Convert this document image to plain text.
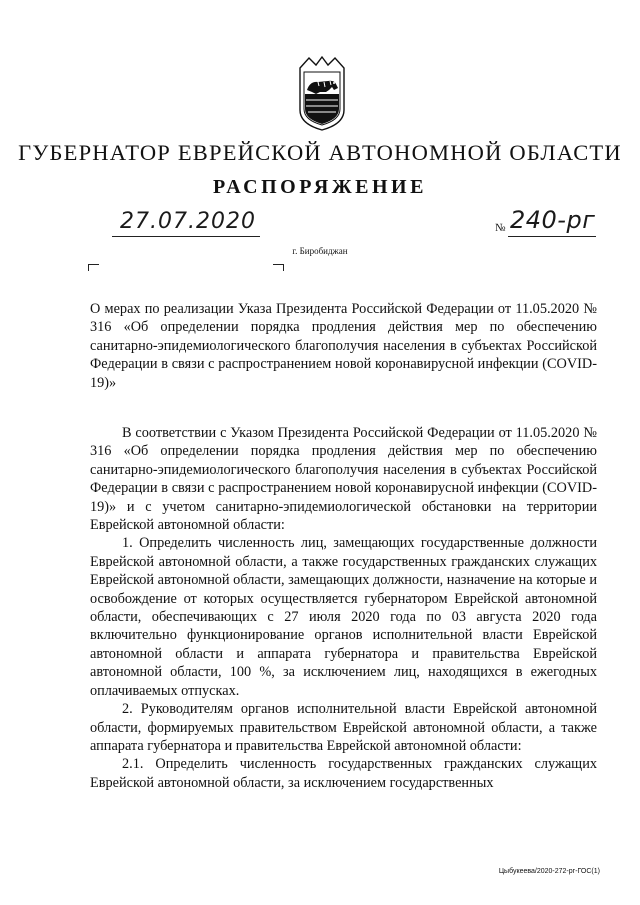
ГУБЕРНАТОР ЕВРЕЙСКОЙ АВТОНОМНОЙ ОБЛАСТИ
РАСПОРЯЖЕНИЕ
27.07.2020	№ 240-рг
г. Биробиджан

О мерах по реализации Указа Президента Российской Федерации от 11.05.2020 № 316 «Об определении порядка продления действия мер по обеспечению санитарно-эпидемиологического благополучия населения в субъектах Российской Федерации в связи с распространением новой коронавирусной инфекции (COVID-19)»

В соответствии с Указом Президента Российской Федерации от 11.05.2020 № 316 «Об определении порядка продления действия мер по обеспечению санитарно-эпидемиологического благополучия населения в субъектах Российской Федерации в связи с распространением новой коронавирусной инфекции (COVID-19)» и с учетом санитарно-эпидемиологической обстановки на территории Еврейской автономной области:

1. Определить численность лиц, замещающих государственные должности Еврейской автономной области, а также государственных гражданских служащих Еврейской автономной области, замещающих должности, назначение на которые и освобождение от которых осуществляется губернатором Еврейской автономной области, обеспечивающих с 27 июля 2020 года по 03 августа 2020 года включительно функционирование органов исполнительной власти Еврейской автономной области и аппарата губернатора и правительства Еврейской автономной области, 100 %, за исключением лиц, находящихся в ежегодных оплачиваемых отпусках.

2. Руководителям органов исполнительной власти Еврейской автономной области, формируемых правительством Еврейской автономной области, а также аппарата губернатора и правительства Еврейской автономной области:

2.1. Определить численность государственных гражданских служащих Еврейской автономной области, за исключением государственных

Цыбукеева/2020-272-рг-ГОС(1)
